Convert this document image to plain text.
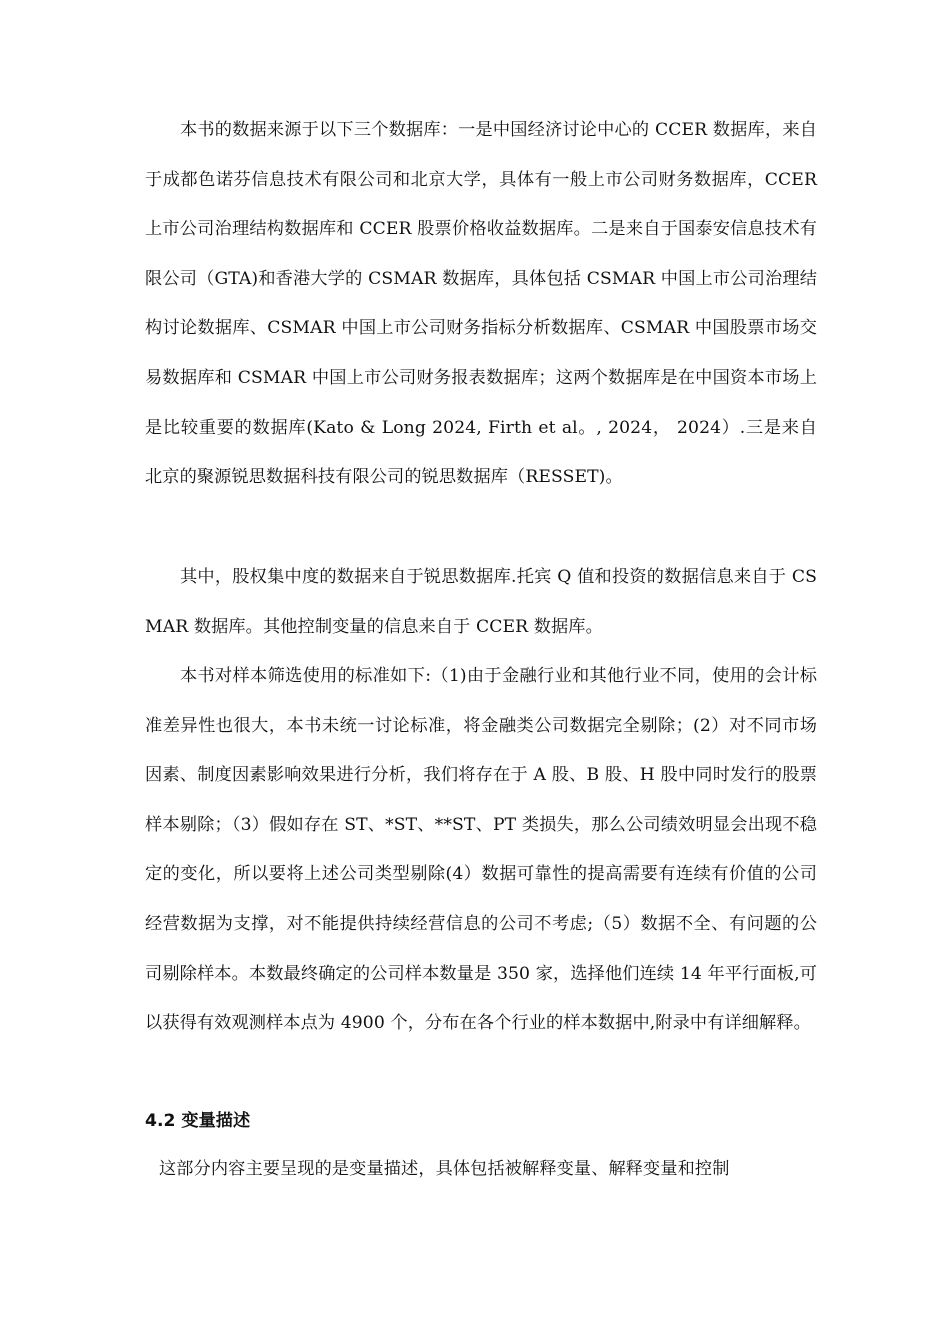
本书的数据来源于以下三个数据库：一是中国经济讨论中心的 CCER 数据库，来自于成都色诺芬信息技术有限公司和北京大学，具体有一般上市公司财务数据库，CCER 上市公司治理结构数据库和 CCER 股票价格收益数据库。二是来自于国泰安信息技术有限公司（GTA)和香港大学的 CSMAR 数据库，具体包括 CSMAR 中国上市公司治理结构讨论数据库、CSMAR 中国上市公司财务指标分析数据库、CSMAR 中国股票市场交易数据库和 CSMAR 中国上市公司财务报表数据库；这两个数据库是在中国资本市场上是比较重要的数据库(Kato & Long 2024, Firth et al。, 2024， 2024）.三是来自北京的聚源锐思数据科技有限公司的锐思数据库（RESSET)。

其中，股权集中度的数据来自于锐思数据库.托宾 Q 值和投资的数据信息来自于 CSMAR 数据库。其他控制变量的信息来自于 CCER 数据库。

本书对样本筛选使用的标准如下:（1)由于金融行业和其他行业不同，使用的会计标准差异性也很大，本书未统一讨论标准，将金融类公司数据完全剔除；(2）对不同市场因素、制度因素影响效果进行分析，我们将存在于 A 股、B 股、H 股中同时发行的股票样本剔除；（3）假如存在 ST、*ST、**ST、PT 类损失，那么公司绩效明显会出现不稳定的变化，所以要将上述公司类型剔除(4）数据可靠性的提高需要有连续有价值的公司经营数据为支撑，对不能提供持续经营信息的公司不考虑;（5）数据不全、有问题的公司剔除样本。本数最终确定的公司样本数量是 350 家，选择他们连续 14 年平行面板,可以获得有效观测样本点为 4900 个，分布在各个行业的样本数据中,附录中有详细解释。

4.2 变量描述

这部分内容主要呈现的是变量描述，具体包括被解释变量、解释变量和控制
